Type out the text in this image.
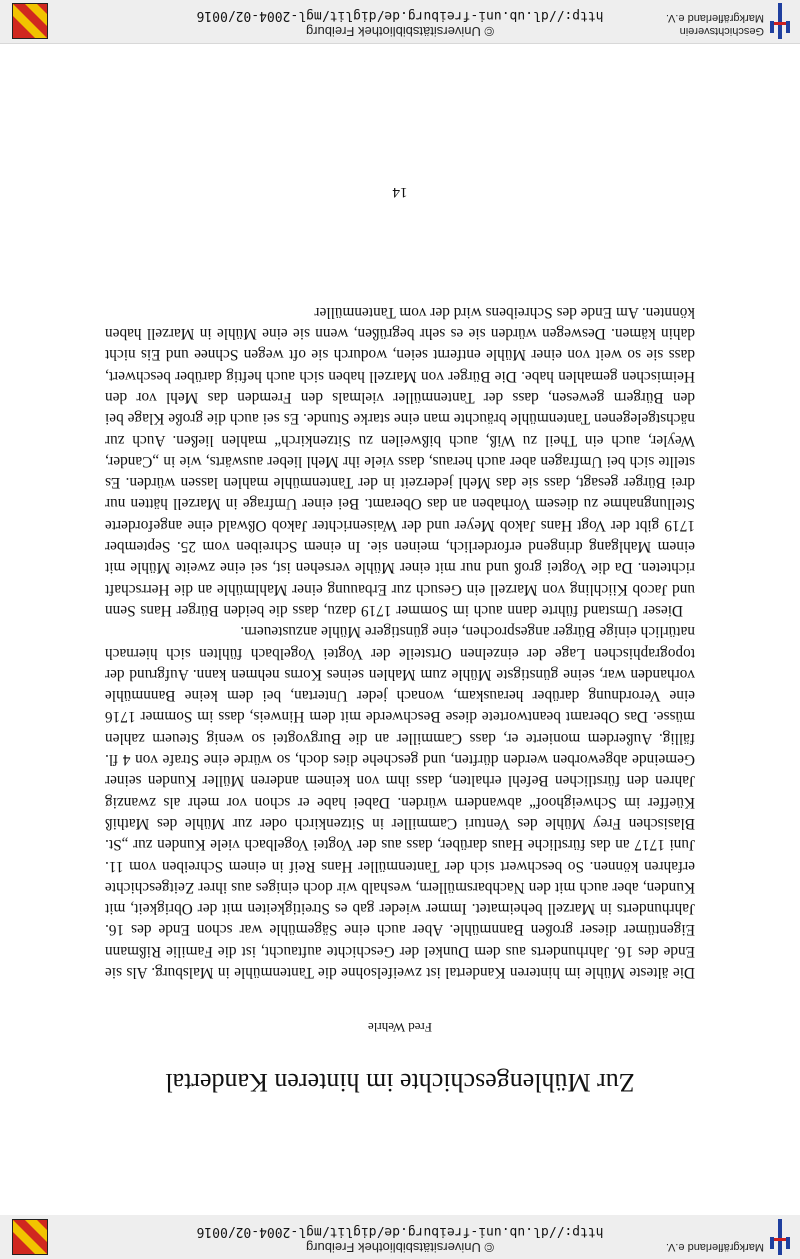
Markgräflerland e.V.
© Universitätsbibliothek Freiburg
http://dl.ub.uni-freiburg.de/diglit/mgl-2004-02/0016
Zur Mühlengeschichte im hinteren Kandertal
Fred Wehrle

Die älteste Mühle im hinteren Kandertal ist zweifelsohne die Tantenmühle in Malsburg. Als sie Ende des 16. Jahrhunderts aus dem Dunkel der Geschichte auftaucht, ist die Familie Rißmann Eigentümer dieser großen Bannmühle. Aber auch eine Sägemühle war schon Ende des 16. Jahrhunderts in Marzell beheimatet. Immer wieder gab es Streitigkeiten mit der Obrigkeit, mit Kunden, aber auch mit den Nachbarsmüllern, weshalb wir doch einiges aus ihrer Zeitgeschichte erfahren können. So beschwert sich der Tantenmüller Hans Reif in einem Schreiben vom 11. Juni 1717 an das fürstliche Haus darüber, dass aus der Vogtei Vogelbach viele Kunden zur „St. Blasischen Frey Mühle des Venturi Cammiller in Sitzenkirch oder zur Mühle des Mathiß Küeffer im Schweighoof“ abwandern würden. Dabei habe er schon vor mehr als zwanzig Jahren den fürstlichen Befehl erhalten, dass ihm von keinem anderen Müller Kunden seiner Gemeinde abgeworben werden dürften, und geschehe dies doch, so würde eine Strafe von 4 fl. fällig. Außerdem monierte er, dass Cammiller an die Burgvogtei so wenig Steuern zahlen müsse. Das Oberamt beantwortete diese Beschwerde mit dem Hinweis, dass im Sommer 1716 eine Verordnung darüber herauskam, wonach jeder Untertan, bei dem keine Bannmühle vorhanden war, seine günstigste Mühle zum Mahlen seines Korns nehmen kann. Aufgrund der topographischen Lage der einzelnen Ortsteile der Vogtei Vogelbach fühlten sich hiernach natürlich einige Bürger angesprochen, eine günstigere Mühle anzusteuern.

Dieser Umstand führte dann auch im Sommer 1719 dazu, dass die beiden Bürger Hans Senn und Jacob Kiichling von Marzell ein Gesuch zur Erbauung einer Mahlmühle an die Herrschaft richteten. Da die Vogtei groß und nur mit einer Mühle versehen ist, sei eine zweite Mühle mit einem Mahlgang dringend erforderlich, meinen sie. In einem Schreiben vom 25. September 1719 gibt der Vogt Hans Jakob Meyer und der Waisenrichter Jakob Oßwald eine angeforderte Stellungnahme zu diesem Vorhaben an das Oberamt. Bei einer Umfrage in Marzell hätten nur drei Bürger gesagt, dass sie das Mehl jederzeit in der Tantenmühle mahlen lassen würden. Es stellte sich bei Umfragen aber auch heraus, dass viele ihr Mehl lieber auswärts, wie in „Cander, Weyler, auch ein Theil zu Wiß, auch bißweilen zu Sitzenkirch“ mahlen ließen. Auch zur nächstgelegenen Tantenmühle bräuchte man eine starke Stunde. Es sei auch die große Klage bei den Bürgern gewesen, dass der Tantenmüller vielmals den Fremden das Mehl vor den Heimischen gemahlen habe. Die Bürger von Marzell haben sich auch heftig darüber beschwert, dass sie so weit von einer Mühle entfernt seien, wodurch sie oft wegen Schnee und Eis nicht dahin kämen. Deswegen würden sie es sehr begrüßen, wenn sie eine Mühle in Marzell haben könnten. Am Ende des Schreibens wird der vom Tantenmüller

14
Geschichtsverein
Markgräflerland e.V.
© Universitätsbibliothek Freiburg
http://dl.ub.uni-freiburg.de/diglit/mgl-2004-02/0016
